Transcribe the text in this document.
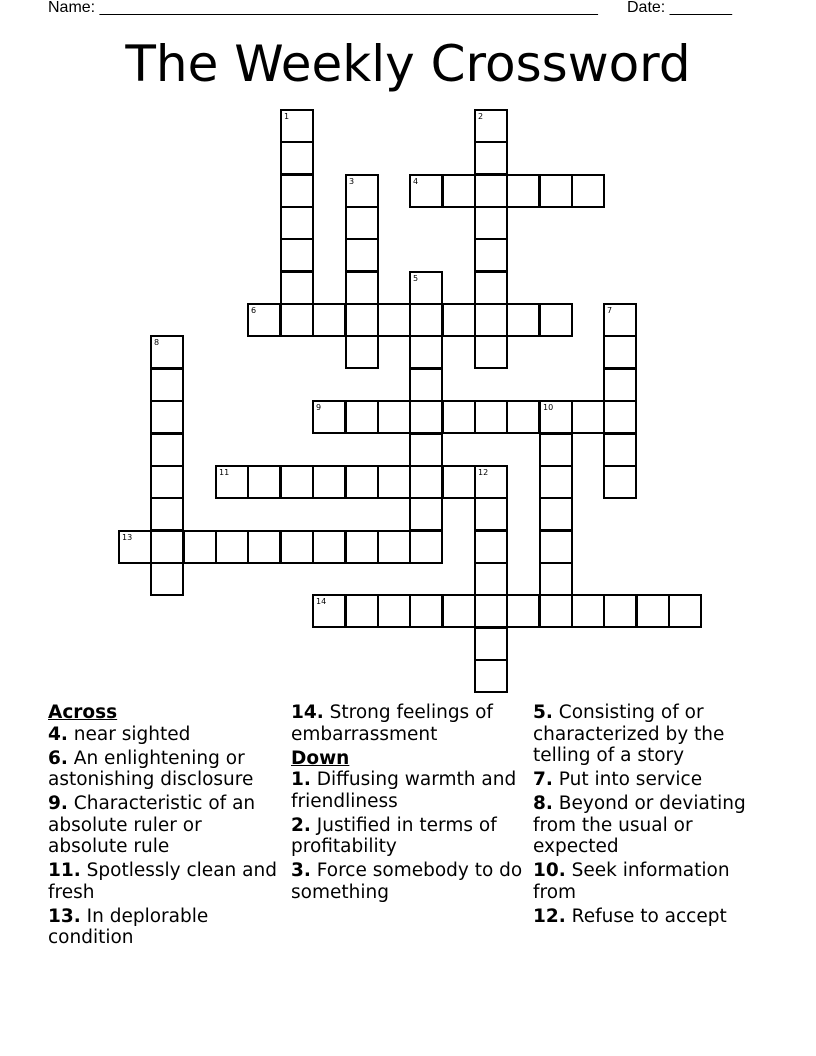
Name: ________________________________________________________ Date: _______
The Weekly Crossword
1	2
3	4
5
6	7
8
9	10
11	12
13
14
Across
4. near sighted
6. An enlightening or astonishing disclosure
9. Characteristic of an absolute ruler or absolute rule
11. Spotlessly clean and fresh
13. In deplorable condition
14. Strong feelings of embarrassment
Down
1. Diffusing warmth and friendliness
2. Justified in terms of profitability
3. Force somebody to do something
5. Consisting of or characterized by the telling of a story
7. Put into service
8. Beyond or deviating from the usual or expected
10. Seek information from
12. Refuse to accept
